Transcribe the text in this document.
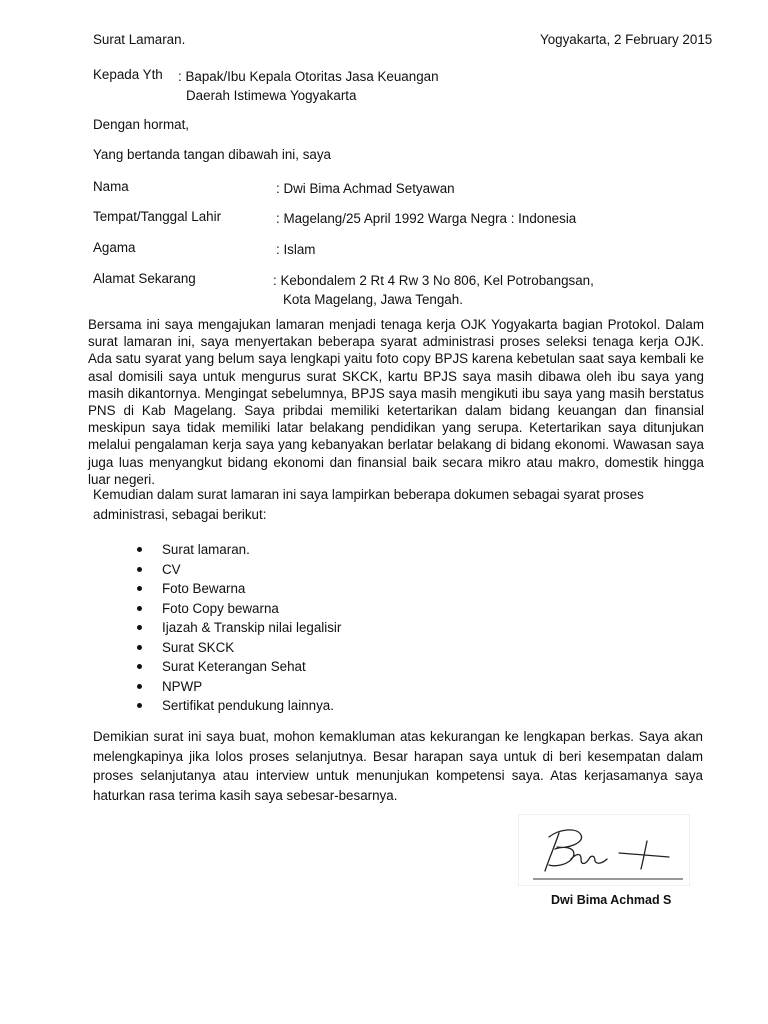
Surat Lamaran.	Yogyakarta, 2 February 2015
Kepada Yth : Bapak/Ibu Kepala Otoritas Jasa Keuangan
Daerah Istimewa Yogyakarta
Dengan hormat,
Yang bertanda tangan dibawah ini, saya
Nama	: Dwi Bima Achmad Setyawan
Tempat/Tanggal Lahir	: Magelang/25 April 1992 Warga Negra : Indonesia
Agama	: Islam
Alamat Sekarang	: Kebondalem 2 Rt 4 Rw 3 No 806, Kel Potrobangsan,
Kota Magelang, Jawa Tengah.

Bersama ini saya mengajukan lamaran menjadi tenaga kerja OJK Yogyakarta bagian Protokol. Dalam surat lamaran ini, saya menyertakan beberapa syarat administrasi proses seleksi tenaga kerja OJK. Ada satu syarat yang belum saya lengkapi yaitu foto copy BPJS karena kebetulan saat saya kembali ke asal domisili saya untuk mengurus surat SKCK, kartu BPJS saya masih dibawa oleh ibu saya yang masih dikantornya. Mengingat sebelumnya, BPJS saya masih mengikuti ibu saya yang masih berstatus PNS di Kab Magelang. Saya pribdai memiliki ketertarikan dalam bidang keuangan dan finansial meskipun saya tidak memiliki latar belakang pendidikan yang serupa. Ketertarikan saya ditunjukan melalui pengalaman kerja saya yang kebanyakan berlatar belakang di bidang ekonomi. Wawasan saya juga luas menyangkut bidang ekonomi dan finansial baik secara mikro atau makro, domestik hingga luar negeri.

Kemudian dalam surat lamaran ini saya lampirkan beberapa dokumen sebagai syarat proses administrasi, sebagai berikut:

Surat lamaran.
CV
Foto Bewarna
Foto Copy bewarna
Ijazah & Transkip nilai legalisir
Surat SKCK
Surat Keterangan Sehat
NPWP
Sertifikat pendukung lainnya.

Demikian surat ini saya buat, mohon kemakluman atas kekurangan ke lengkapan berkas. Saya akan melengkapinya jika lolos proses selanjutnya. Besar harapan saya untuk di beri kesempatan dalam proses selanjutanya atau interview untuk menunjukan kompetensi saya. Atas kerjasamanya saya haturkan rasa terima kasih saya sebesar-besarnya.

Dwi Bima Achmad S
